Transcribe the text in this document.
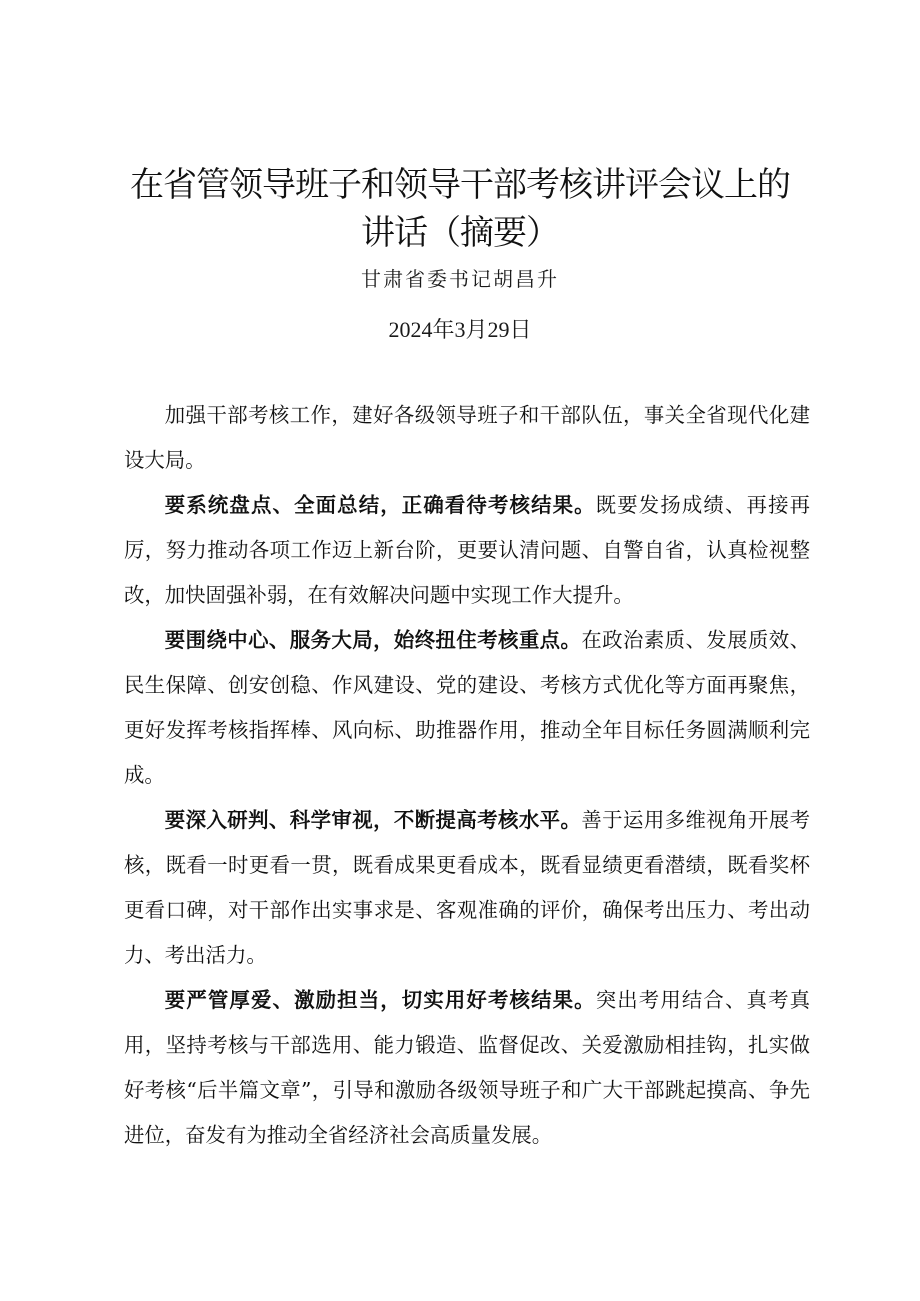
在省管领导班子和领导干部考核讲评会议上的
讲话（摘要）
甘肃省委书记胡昌升
2024年3月29日

加强干部考核工作，建好各级领导班子和干部队伍，事关全省现代化建设大局。

要系统盘点、全面总结，正确看待考核结果。既要发扬成绩、再接再厉，努力推动各项工作迈上新台阶，更要认清问题、自警自省，认真检视整改，加快固强补弱，在有效解决问题中实现工作大提升。

要围绕中心、服务大局，始终扭住考核重点。在政治素质、发展质效、民生保障、创安创稳、作风建设、党的建设、考核方式优化等方面再聚焦，更好发挥考核指挥棒、风向标、助推器作用，推动全年目标任务圆满顺利完成。

要深入研判、科学审视，不断提高考核水平。善于运用多维视角开展考核，既看一时更看一贯，既看成果更看成本，既看显绩更看潜绩，既看奖杯更看口碑，对干部作出实事求是、客观准确的评价，确保考出压力、考出动力、考出活力。

要严管厚爱、激励担当，切实用好考核结果。突出考用结合、真考真用，坚持考核与干部选用、能力锻造、监督促改、关爱激励相挂钩，扎实做好考核“后半篇文章”，引导和激励各级领导班子和广大干部跳起摸高、争先进位，奋发有为推动全省经济社会高质量发展。
